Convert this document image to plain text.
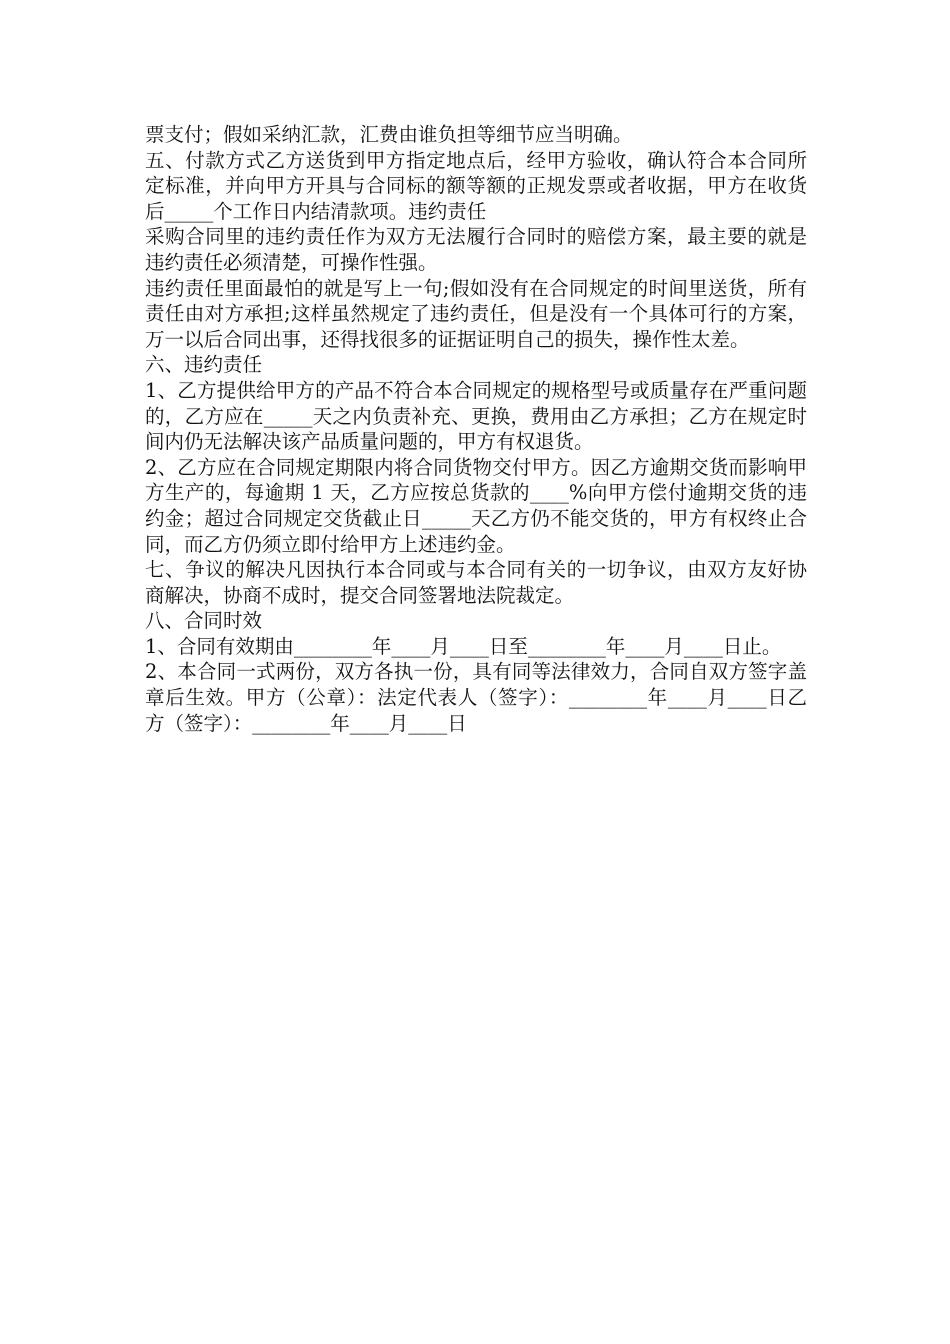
票支付；假如采纳汇款，汇费由谁负担等细节应当明确。

五、付款方式乙方送货到甲方指定地点后，经甲方验收，确认符合本合同所定标准，并向甲方开具与合同标的额等额的正规发票或者收据，甲方在收货后_____个工作日内结清款项。违约责任

采购合同里的违约责任作为双方无法履行合同时的赔偿方案，最主要的就是违约责任必须清楚，可操作性强。

违约责任里面最怕的就是写上一句;假如没有在合同规定的时间里送货，所有责任由对方承担;这样虽然规定了违约责任，但是没有一个具体可行的方案，万一以后合同出事，还得找很多的证据证明自己的损失，操作性太差。

六、违约责任

1、乙方提供给甲方的产品不符合本合同规定的规格型号或质量存在严重问题的，乙方应在_____天之内负责补充、更换，费用由乙方承担；乙方在规定时间内仍无法解决该产品质量问题的，甲方有权退货。

2、乙方应在合同规定期限内将合同货物交付甲方。因乙方逾期交货而影响甲方生产的，每逾期 1 天，乙方应按总货款的____%向甲方偿付逾期交货的违约金；超过合同规定交货截止日_____天乙方仍不能交货的，甲方有权终止合同，而乙方仍须立即付给甲方上述违约金。

七、争议的解决凡因执行本合同或与本合同有关的一切争议，由双方友好协商解决，协商不成时，提交合同签署地法院裁定。

八、合同时效

1、合同有效期由________年____月____日至________年____月____日止。

2、本合同一式两份，双方各执一份，具有同等法律效力，合同自双方签字盖章后生效。甲方（公章）：法定代表人（签字）：________年____月____日乙方（签字）：________年____月____日
